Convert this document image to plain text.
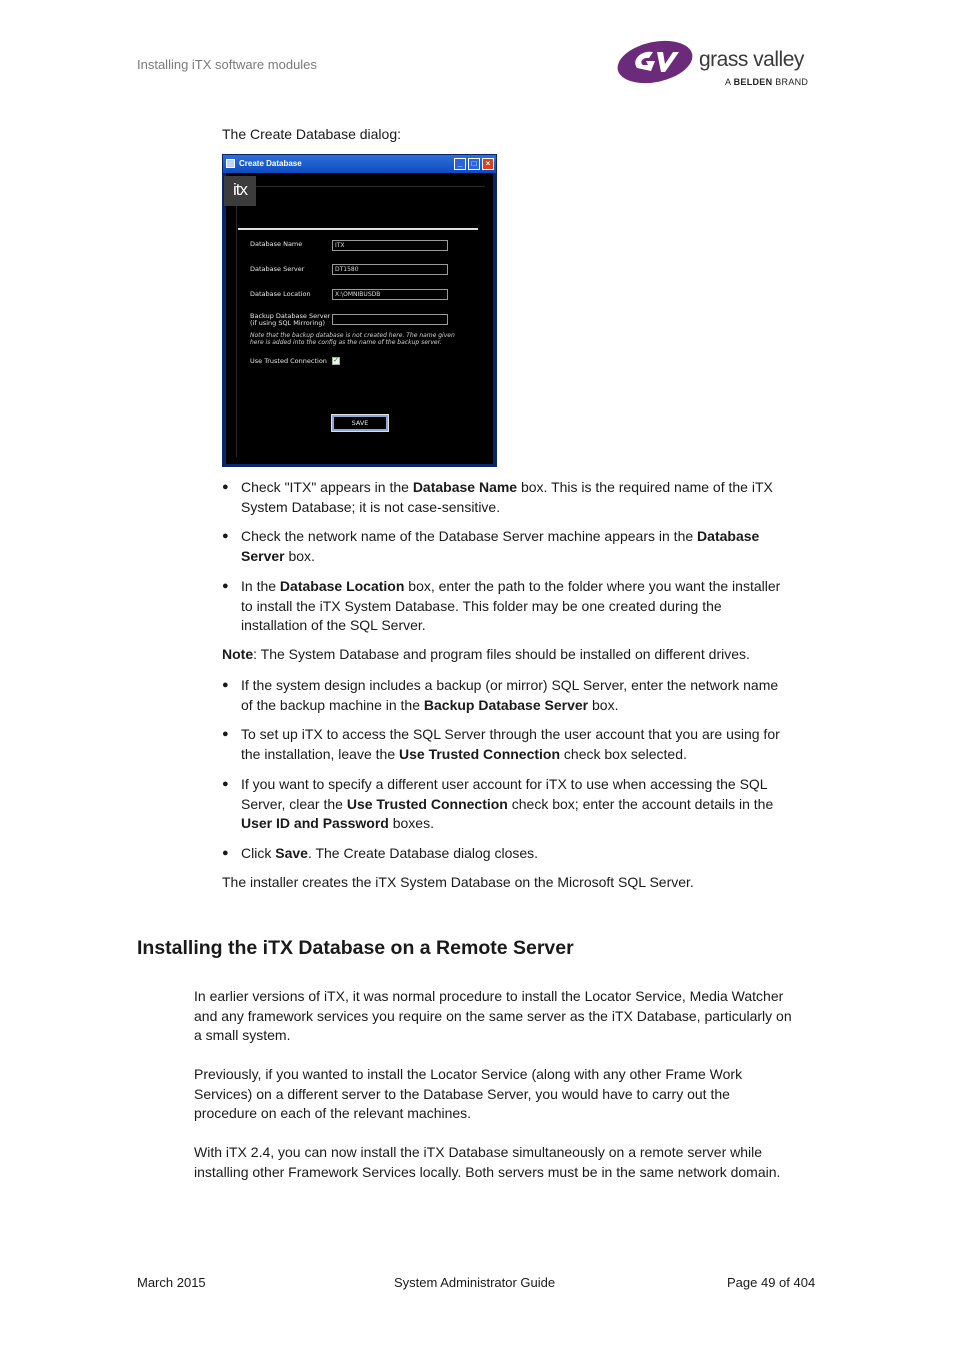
Installing iTX software modules	grass valley
A BELDEN BRAND
The Create Database dialog:
Create Database	_	□	×
itx
Database Name	ITX
Database Server	DT1580
Database Location	X:\OMNIBUSDB
Backup Database Server
(if using SQL Mirroring)
Note that the backup database is not created here. The name given
here is added into the config as the name of the backup server.
Use Trusted Connection ✓
SAVE
● Check "ITX" appears in the Database Name box. This is the required name of the iTX
System Database; it is not case-sensitive.
● Check the network name of the Database Server machine appears in the Database
Server box.
● In the Database Location box, enter the path to the folder where you want the installer
to install the iTX System Database. This folder may be one created during the
installation of the SQL Server.
Note: The System Database and program files should be installed on different drives.
● If the system design includes a backup (or mirror) SQL Server, enter the network name
of the backup machine in the Backup Database Server box.
● To set up iTX to access the SQL Server through the user account that you are using for
the installation, leave the Use Trusted Connection check box selected.
● If you want to specify a different user account for iTX to use when accessing the SQL
Server, clear the Use Trusted Connection check box; enter the account details in the
User ID and Password boxes.
● Click Save. The Create Database dialog closes.
The installer creates the iTX System Database on the Microsoft SQL Server.
Installing the iTX Database on a Remote Server
In earlier versions of iTX, it was normal procedure to install the Locator Service, Media Watcher
and any framework services you require on the same server as the iTX Database, particularly on
a small system.
Previously, if you wanted to install the Locator Service (along with any other Frame Work
Services) on a different server to the Database Server, you would have to carry out the
procedure on each of the relevant machines.
With iTX 2.4, you can now install the iTX Database simultaneously on a remote server while
installing other Framework Services locally. Both servers must be in the same network domain.
March 2015	System Administrator Guide	Page 49 of 404
